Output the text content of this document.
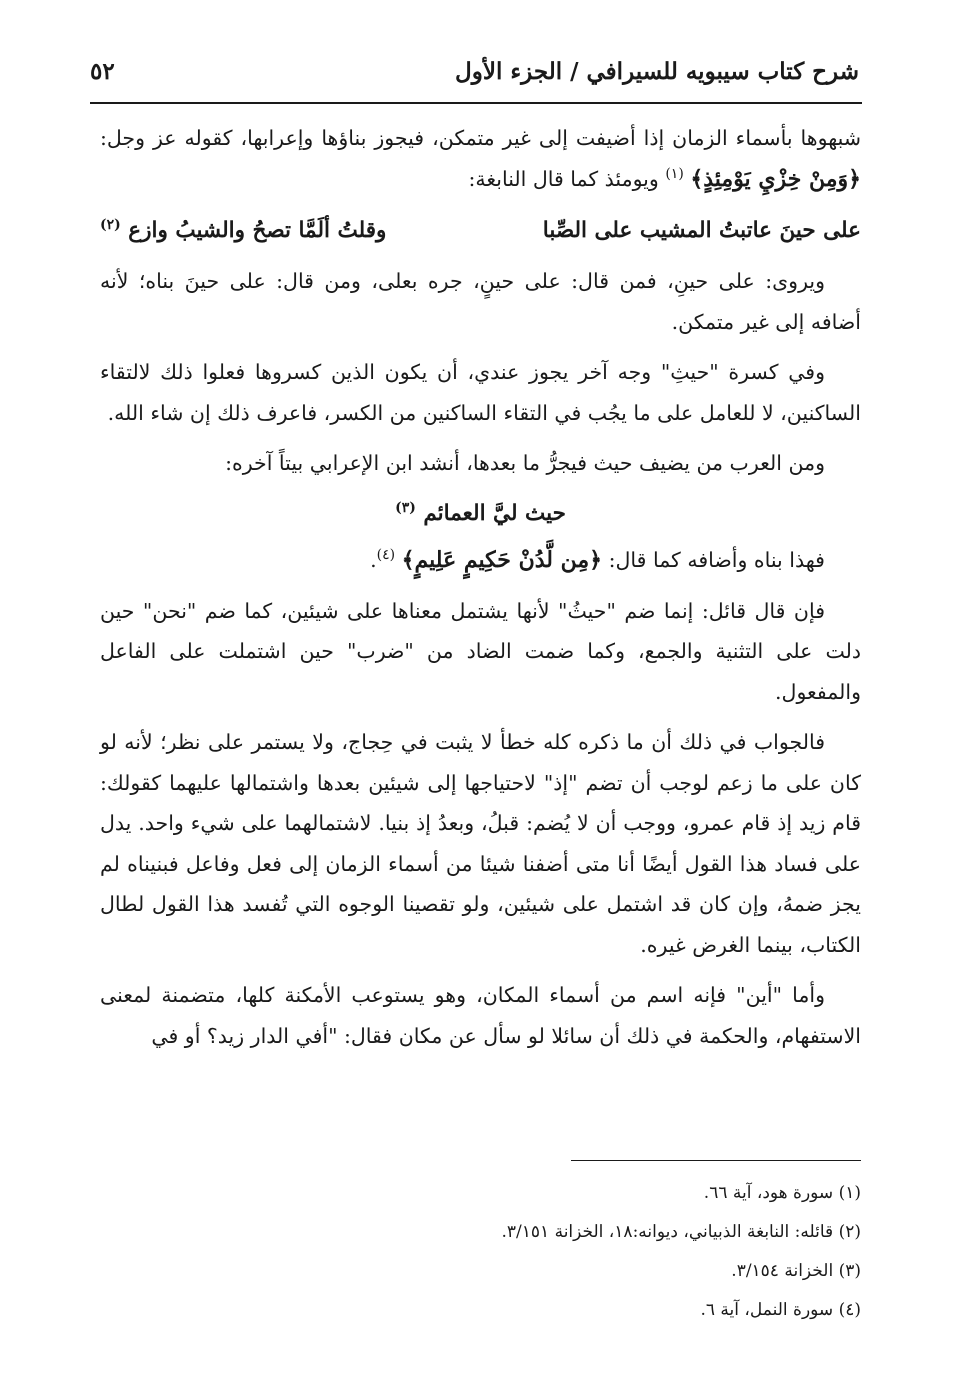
شرح كتاب سيبويه للسيرافي / الجزء الأول
٥٢

شبهوها بأسماء الزمان إذا أضيفت إلى غير متمكن، فيجوز بناؤها وإعرابها، كقوله عز وجل: ﴿وَمِنْ خِزْيِ يَوْمِئِذٍ﴾ $^{(١)}$ ويومئذ كما قال النابغة:

على حينَ عاتبتُ المشيب على الصِّبا
وقلتُ ألَمَّا تصحُ والشيبُ وازع $^{(٢)}$

ويروى: على حينِ، فمن قال: على حينٍ، جره بعلى، ومن قال: على حينَ بناه؛ لأنه أضافه إلى غير متمكن.

وفي كسرة "حيثِ" وجه آخر يجوز عندي، أن يكون الذين كسروها فعلوا ذلك لالتقاء الساكنين، لا للعامل على ما يجُب في التقاء الساكنين من الكسر، فاعرف ذلك إن شاء الله.

ومن العرب من يضيف حيث فيجرُّ ما بعدها، أنشد ابن الإعرابي بيتاً آخره:

حيث ليَّ العمائم $^{(٣)}$

فهذا بناه وأضافه كما قال: ﴿مِن لَّدُنْ حَكِيمٍ عَلِيمٍ﴾ $^{(٤)}$.

فإن قال قائل: إنما ضم "حيثُ" لأنها يشتمل معناها على شيئين، كما ضم "نحن" حين دلت على التثنية والجمع، وكما ضمت الضاد من "ضرب" حين اشتملت على الفاعل والمفعول.

فالجواب في ذلك أن ما ذكره كله خطأ لا يثبت في حِجاج، ولا يستمر على نظر؛ لأنه لو كان على ما زعم لوجب أن تضم "إذ" لاحتياجها إلى شيئين بعدها واشتمالها عليهما كقولك: قام زيد إذ قام عمرو، ووجب أن لا يُضم: قبلُ، وبعدُ إذ بنيا. لاشتمالهما على شيء واحد. يدل على فساد هذا القول أيضًا أنا متى أضفنا شيئا من أسماء الزمان إلى فعل وفاعل فبنيناه لم يجز ضمهُ، وإن كان قد اشتمل على شيئين، ولو تقصينا الوجوه التي تُفسد هذا القول لطال الكتاب، بينما الغرض غيره.

وأما "أين" فإنه اسم من أسماء المكان، وهو يستوعب الأمكنة كلها، متضمنة لمعنى الاستفهام، والحكمة في ذلك أن سائلا لو سأل عن مكان فقال: "أفي الدار زيد؟ أو في

(١) سورة هود، آية ٦٦.
(٢) قائله: النابغة الذبياني، ديوانه:١٨، الخزانة ٣/١٥١.
(٣) الخزانة ٣/١٥٤.
(٤) سورة النمل، آية ٦.
